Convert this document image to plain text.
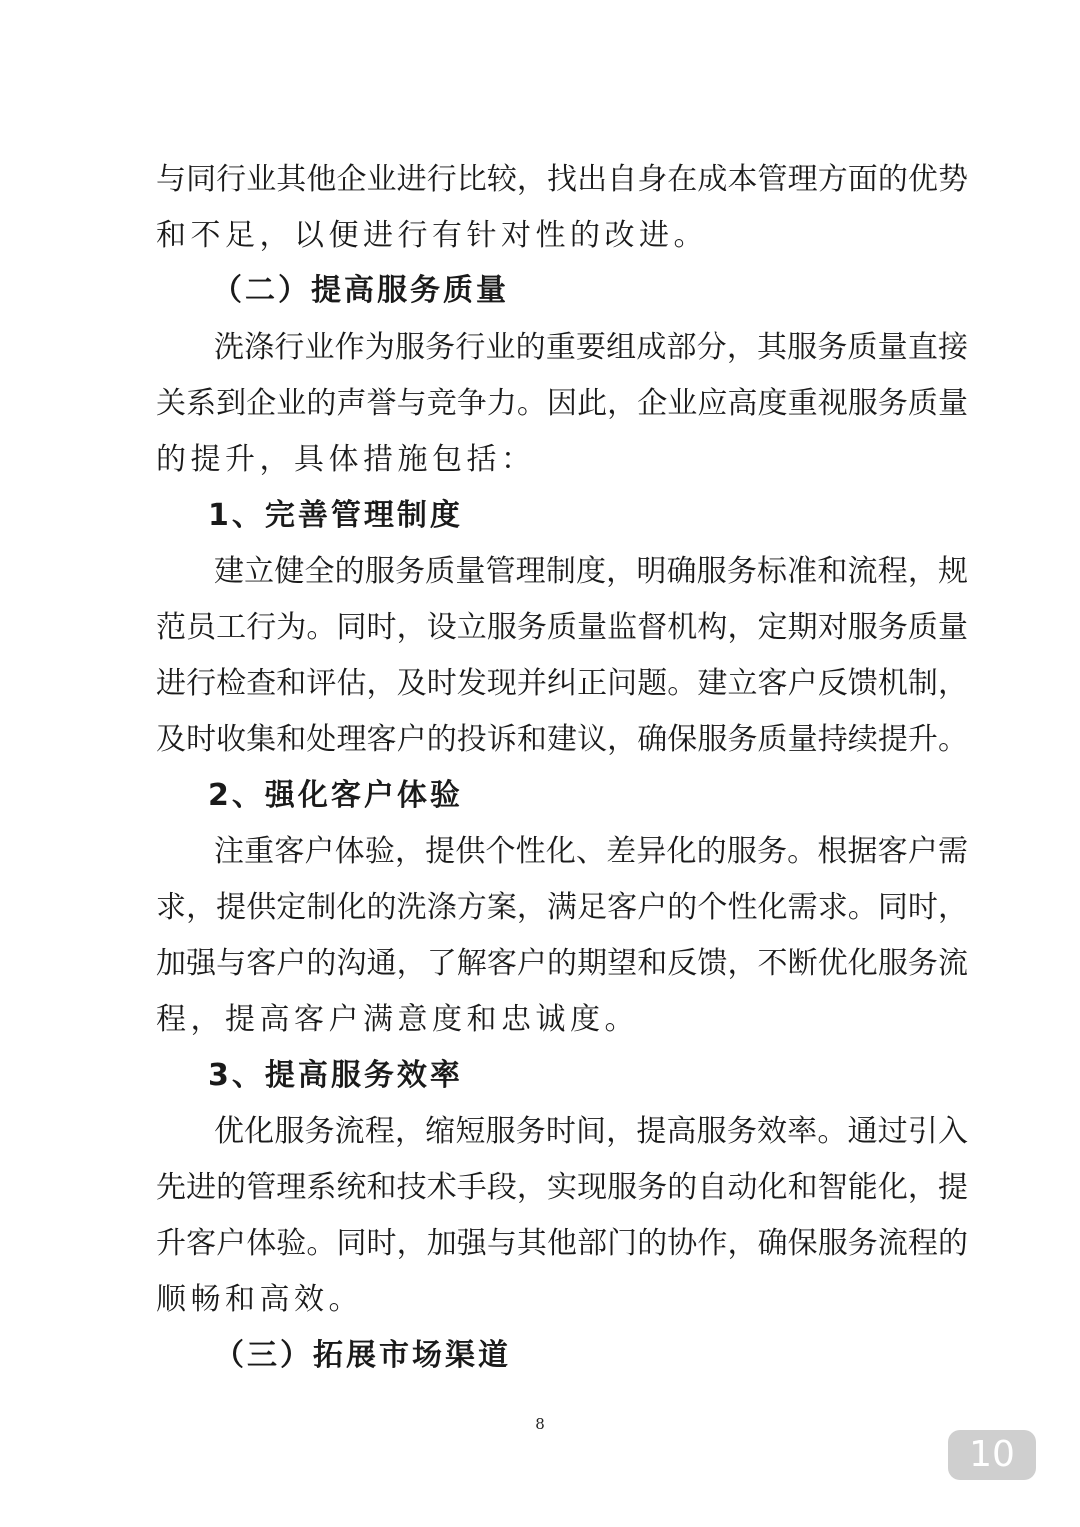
与同行业其他企业进行比较，找出自身在成本管理方面的优势
和不足，以便进行有针对性的改进。
（二）提高服务质量
洗涤行业作为服务行业的重要组成部分，其服务质量直接
关系到企业的声誉与竞争力。因此，企业应高度重视服务质量
的提升，具体措施包括：
1、完善管理制度
建立健全的服务质量管理制度，明确服务标准和流程，规
范员工行为。同时，设立服务质量监督机构，定期对服务质量
进行检查和评估，及时发现并纠正问题。建立客户反馈机制，
及时收集和处理客户的投诉和建议，确保服务质量持续提升。
2、强化客户体验
注重客户体验，提供个性化、差异化的服务。根据客户需
求，提供定制化的洗涤方案，满足客户的个性化需求。同时，
加强与客户的沟通，了解客户的期望和反馈，不断优化服务流
程，提高客户满意度和忠诚度。
3、提高服务效率
优化服务流程，缩短服务时间，提高服务效率。通过引入
先进的管理系统和技术手段，实现服务的自动化和智能化，提
升客户体验。同时，加强与其他部门的协作，确保服务流程的
顺畅和高效。
（三）拓展市场渠道
8
10
